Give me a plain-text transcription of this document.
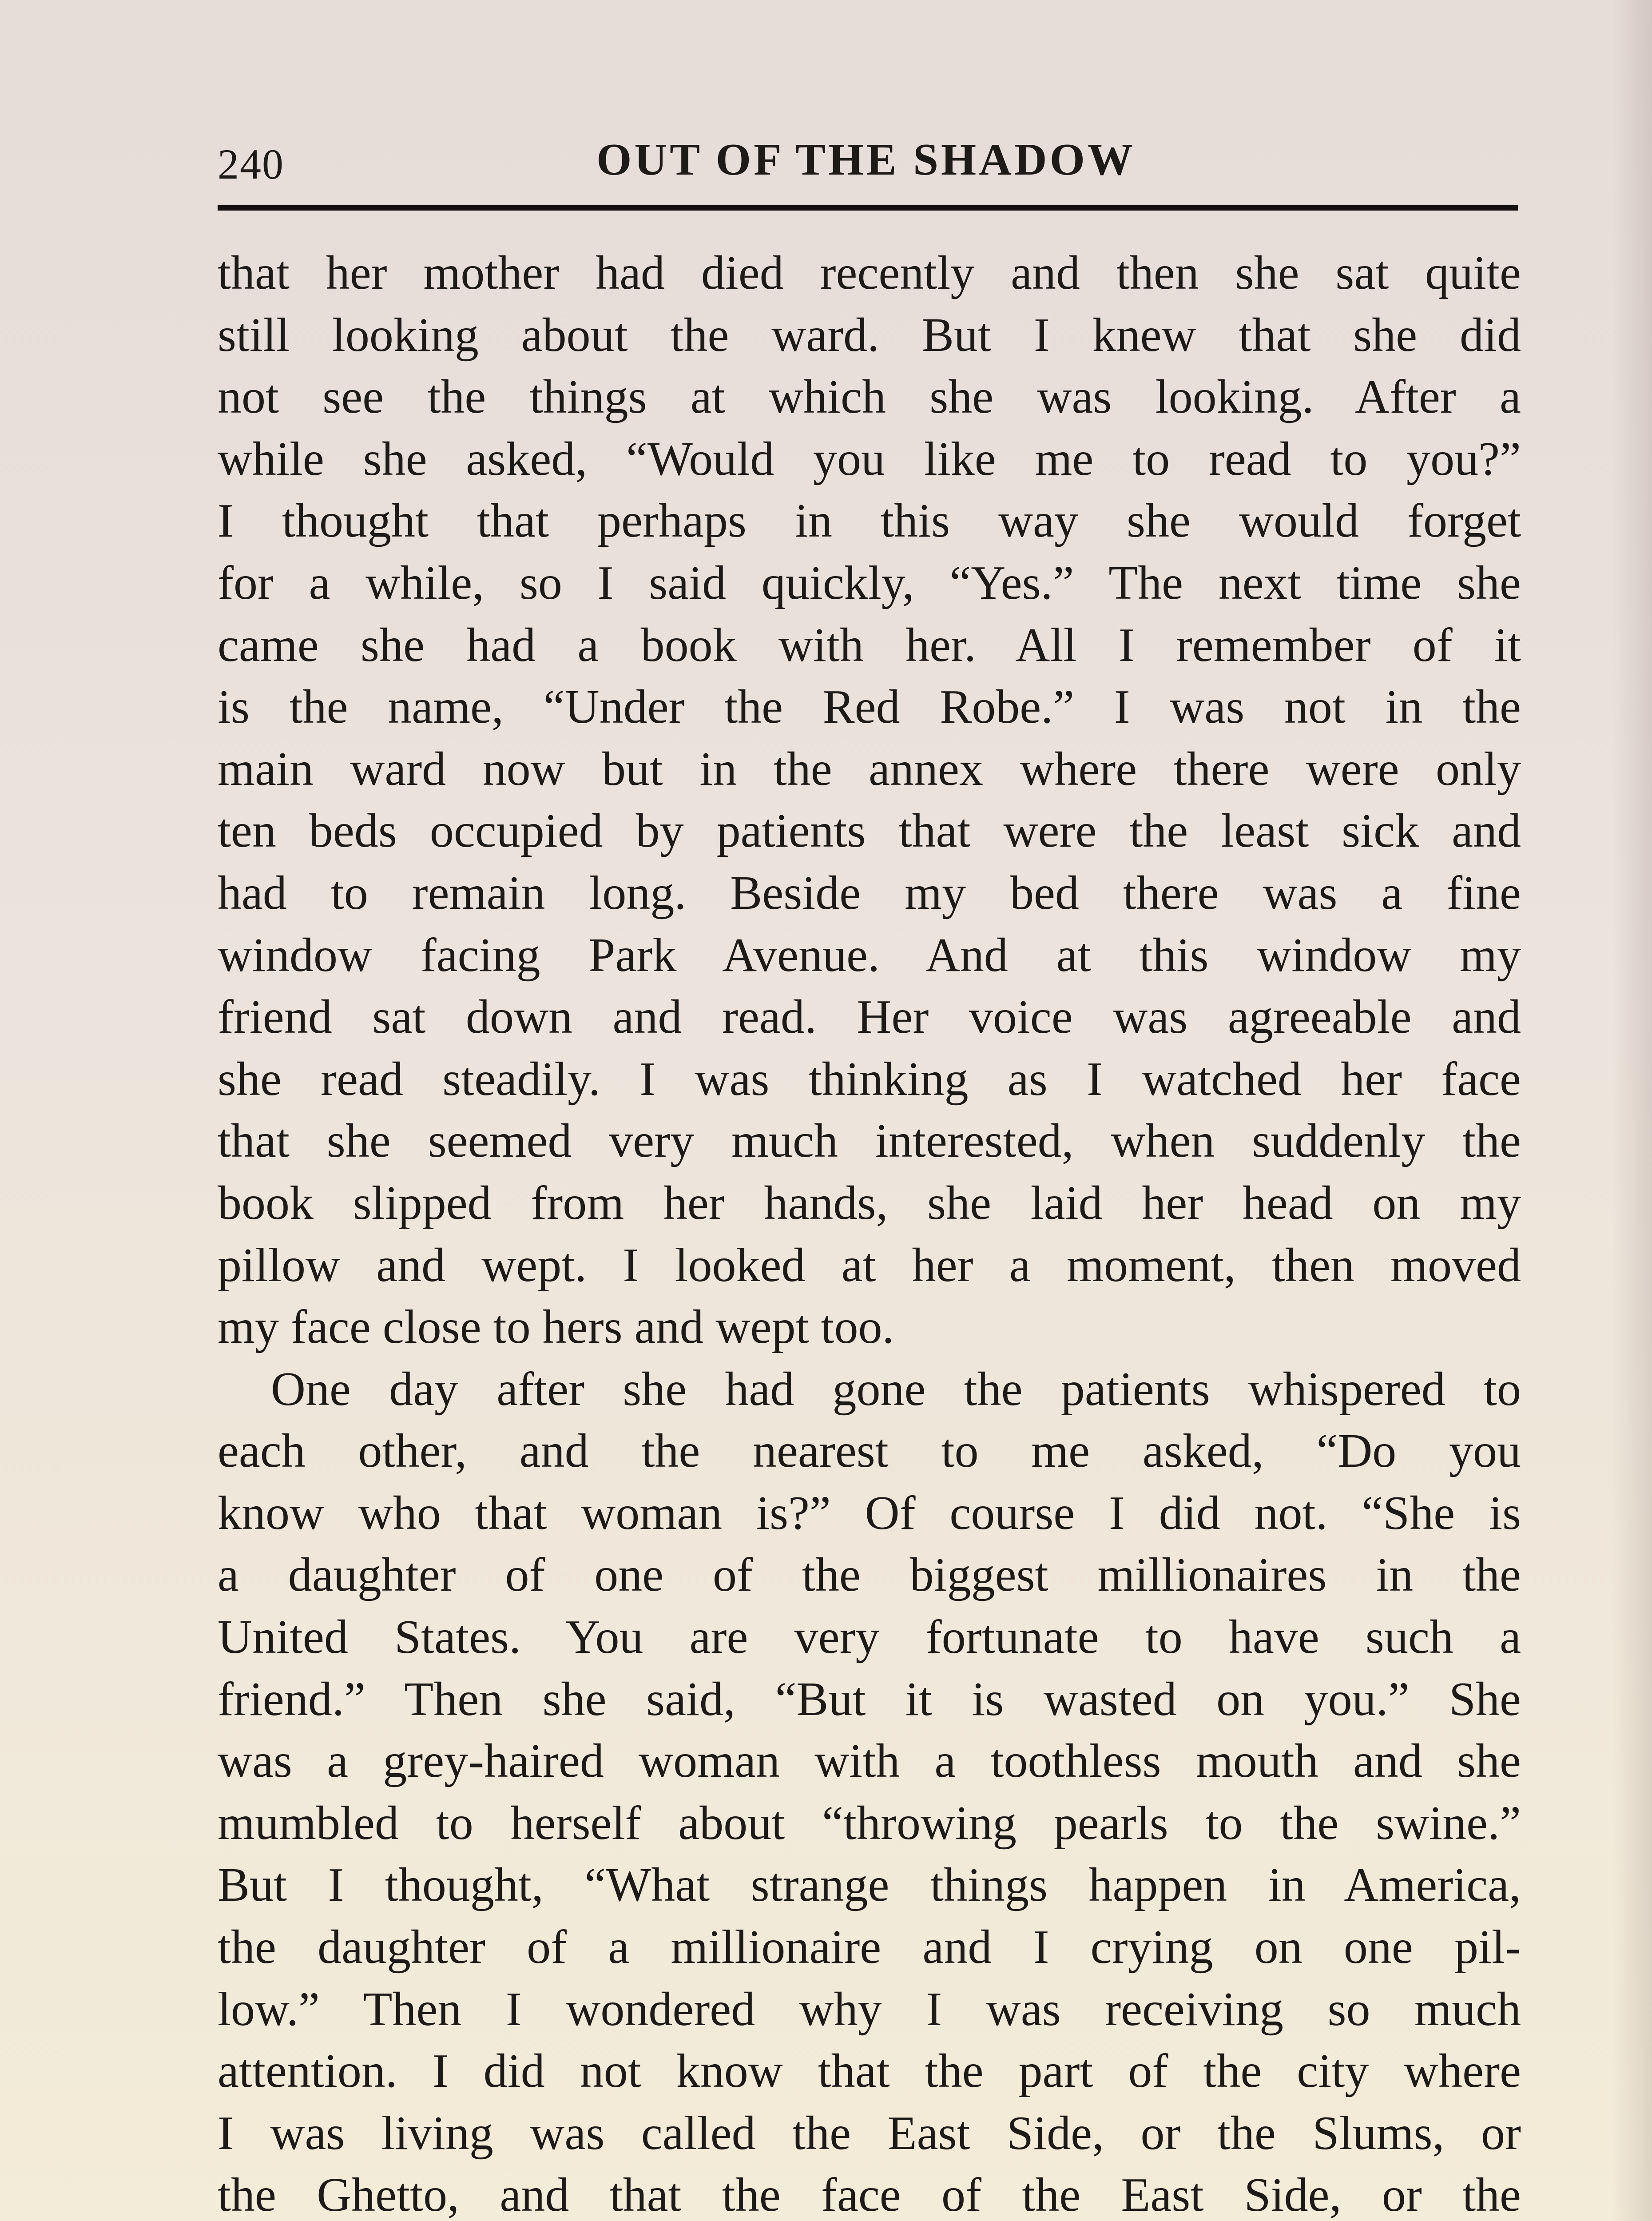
240	OUT OF THE SHADOW
that her mother had died recently and then she sat quite
still looking about the ward. But I knew that she did
not see the things at which she was looking. After a
while she asked, “Would you like me to read to you?”
I thought that perhaps in this way she would forget
for a while, so I said quickly, “Yes.” The next time she
came she had a book with her. All I remember of it
is the name, “Under the Red Robe.” I was not in the
main ward now but in the annex where there were only
ten beds occupied by patients that were the least sick and
had to remain long. Beside my bed there was a fine
window facing Park Avenue. And at this window my
friend sat down and read. Her voice was agreeable and
she read steadily. I was thinking as I watched her face
that she seemed very much interested, when suddenly the
book slipped from her hands, she laid her head on my
pillow and wept. I looked at her a moment, then moved
my face close to hers and wept too.
One day after she had gone the patients whispered to
each other, and the nearest to me asked, “Do you
know who that woman is?” Of course I did not. “She is
a daughter of one of the biggest millionaires in the
United States. You are very fortunate to have such a
friend.” Then she said, “But it is wasted on you.” She
was a grey-haired woman with a toothless mouth and she
mumbled to herself about “throwing pearls to the swine.”
But I thought, “What strange things happen in America,
the daughter of a millionaire and I crying on one pil-
low.” Then I wondered why I was receiving so much
attention. I did not know that the part of the city where
I was living was called the East Side, or the Slums, or
the Ghetto, and that the face of the East Side, or the
